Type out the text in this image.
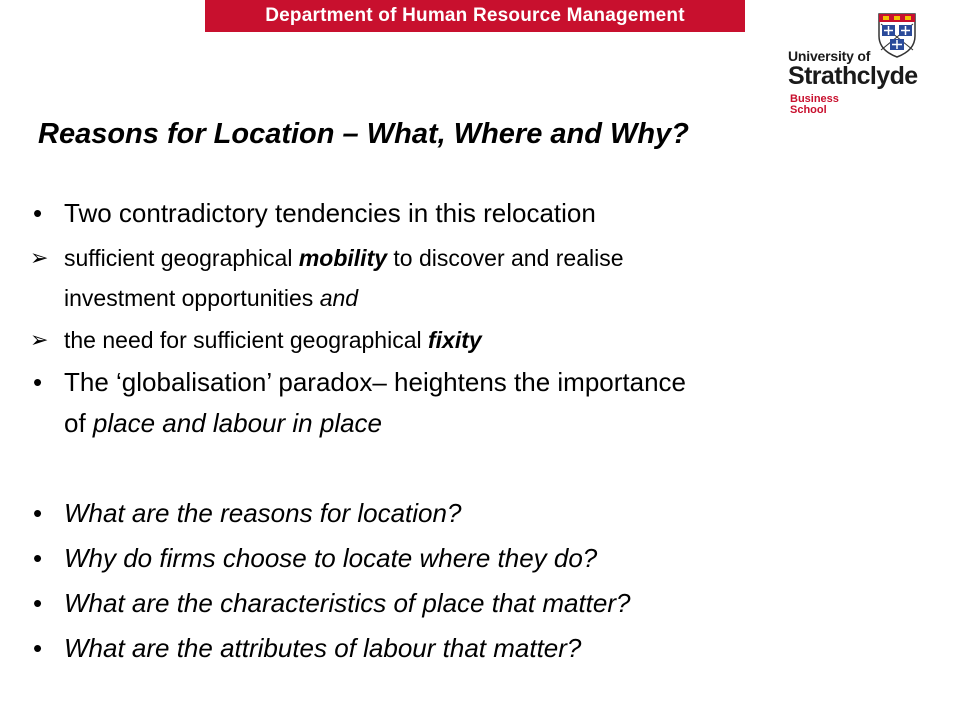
Department of Human Resource Management
University of
Strathclyde
Business
School
Reasons for Location – What, Where and Why?
• Two contradictory tendencies in this relocation
➢ sufficient geographical mobility to discover and realise
investment opportunities and
➢ the need for sufficient geographical fixity
• The ‘globalisation’ paradox– heightens the importance
of place and labour in place
• What are the reasons for location?
• Why do firms choose to locate where they do?
• What are the characteristics of place that matter?
• What are the attributes of labour that matter?
